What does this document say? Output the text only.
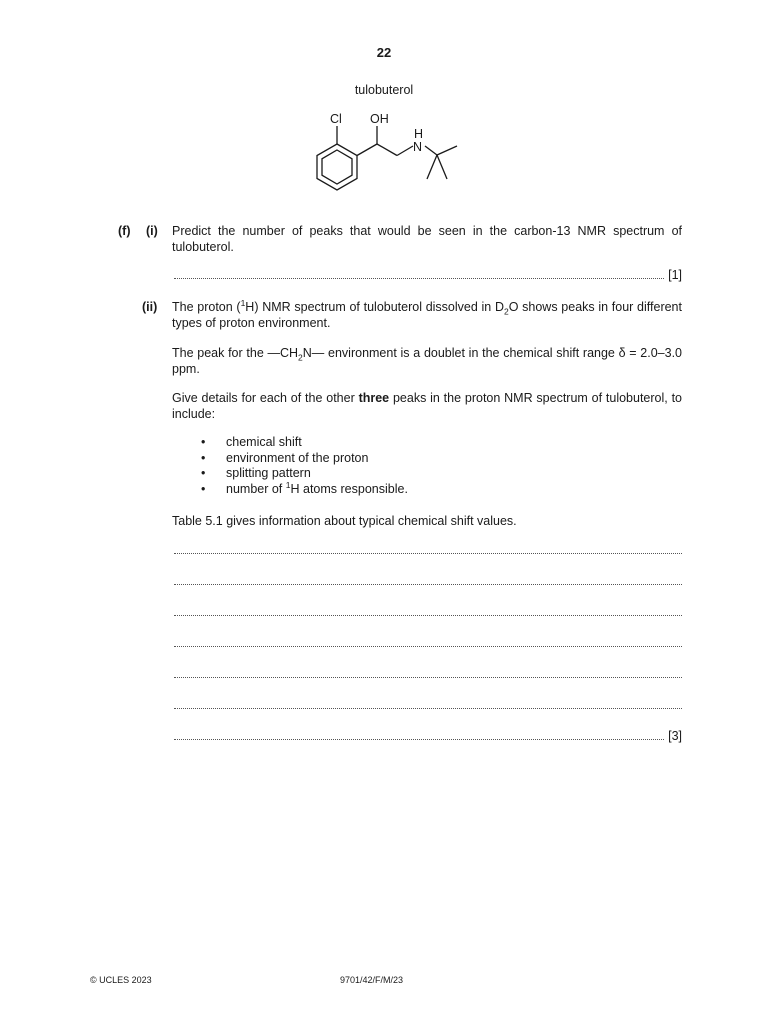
22
tulobuterol
Cl OH
H
N
(f) (i) Predict the number of peaks that would be seen in the carbon-13 NMR spectrum of tulobuterol.
[1]
(ii) The proton ($^1$H) NMR spectrum of tulobuterol dissolved in $D_2O$ shows peaks in four different types of proton environment.
The peak for the $—CH_2N—$ environment is a doublet in the chemical shift range δ = 2.0–3.0 ppm.
Give details for each of the other three peaks in the proton NMR spectrum of tulobuterol, to include:
• chemical shift
• environment of the proton
• splitting pattern
• number of $^1$H atoms responsible.
Table 5.1 gives information about typical chemical shift values.
[3]
© UCLES 2023	9701/42/F/M/23
